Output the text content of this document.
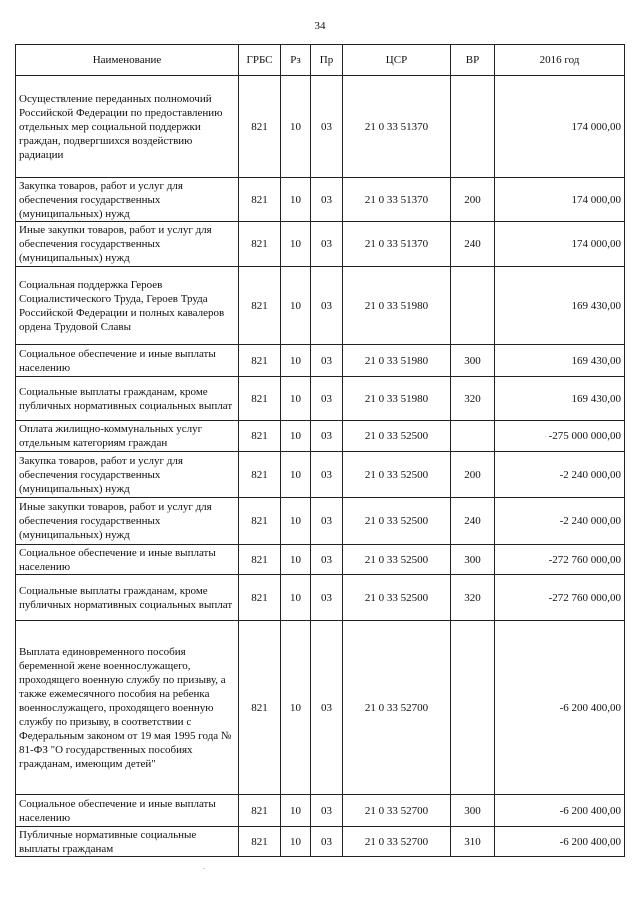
34
Наименование	ГРБС	Рз	Пр	ЦСР	ВР	2016 год
Осуществление переданных полномочий Российской Федерации по предоставлению отдельных мер социальной поддержки граждан, подвергшихся воздействию радиации	821	10	03	21 0 33 51370		174 000,00
Закупка товаров, работ и услуг для обеспечения государственных (муниципальных) нужд	821	10	03	21 0 33 51370	200	174 000,00
Иные закупки товаров, работ и услуг для обеспечения государственных (муниципальных) нужд	821	10	03	21 0 33 51370	240	174 000,00
Социальная поддержка Героев Социалистического Труда, Героев Труда Российской Федерации и полных кавалеров ордена Трудовой Славы	821	10	03	21 0 33 51980		169 430,00
Социальное обеспечение и иные выплаты населению	821	10	03	21 0 33 51980	300	169 430,00
Социальные выплаты гражданам, кроме публичных нормативных социальных выплат	821	10	03	21 0 33 51980	320	169 430,00
Оплата жилищно-коммунальных услуг отдельным категориям граждан	821	10	03	21 0 33 52500		-275 000 000,00
Закупка товаров, работ и услуг для обеспечения государственных (муниципальных) нужд	821	10	03	21 0 33 52500	200	-2 240 000,00
Иные закупки товаров, работ и услуг для обеспечения государственных (муниципальных) нужд	821	10	03	21 0 33 52500	240	-2 240 000,00
Социальное обеспечение и иные выплаты населению	821	10	03	21 0 33 52500	300	-272 760 000,00
Социальные выплаты гражданам, кроме публичных нормативных социальных выплат	821	10	03	21 0 33 52500	320	-272 760 000,00
Выплата единовременного пособия беременной жене военнослужащего, проходящего военную службу по призыву, а также ежемесячного пособия на ребенка военнослужащего, проходящего военную службу по призыву, в соответствии с Федеральным законом от 19 мая 1995 года № 81-ФЗ "О государственных пособиях гражданам, имеющим детей"	821	10	03	21 0 33 52700		-6 200 400,00
Социальное обеспечение и иные выплаты населению	821	10	03	21 0 33 52700	300	-6 200 400,00
Публичные нормативные социальные выплаты гражданам	821	10	03	21 0 33 52700	310	-6 200 400,00
.
